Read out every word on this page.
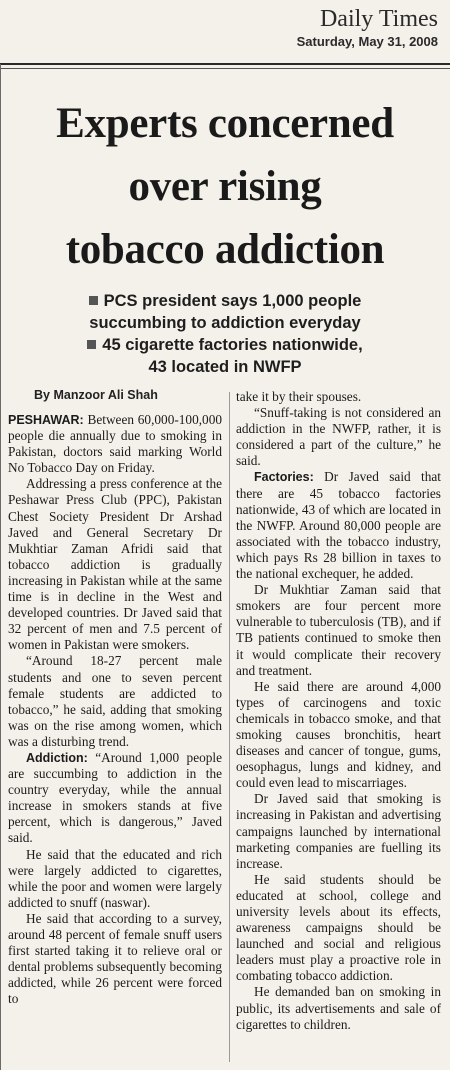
Daily Times
Saturday, May 31, 2008
Experts concerned
over rising
tobacco addiction
PCS president says 1,000 people
succumbing to addiction everyday
45 cigarette factories nationwide,
43 located in NWFP
By Manzoor Ali Shah

PESHAWAR: Between 60,000-100,000 people die annually due to smoking in Pakistan, doctors said marking World No Tobacco Day on Friday.

Addressing a press conference at the Peshawar Press Club (PPC), Pakistan Chest Society President Dr Arshad Javed and General Secretary Dr Mukhtiar Zaman Afridi said that tobacco addiction is gradually increasing in Pakistan while at the same time is in decline in the West and developed countries. Dr Javed said that 32 percent of men and 7.5 percent of women in Pakistan were smokers.

“Around 18-27 percent male students and one to seven percent female students are addicted to tobacco,” he said, adding that smoking was on the rise among women, which was a disturbing trend.

Addiction: “Around 1,000 people are succumbing to addiction in the country everyday, while the annual increase in smokers stands at five percent, which is dangerous,” Javed said.

He said that the educated and rich were largely addicted to cigarettes, while the poor and women were largely addicted to snuff (naswar).

He said that according to a survey, around 48 percent of female snuff users first started taking it to relieve oral or dental problems subsequently becoming addicted, while 26 percent were forced to

take it by their spouses.

“Snuff-taking is not considered an addiction in the NWFP, rather, it is considered a part of the culture,” he said.

Factories: Dr Javed said that there are 45 tobacco factories nationwide, 43 of which are located in the NWFP. Around 80,000 people are associated with the tobacco industry, which pays Rs 28 billion in taxes to the national exchequer, he added.

Dr Mukhtiar Zaman said that smokers are four percent more vulnerable to tuberculosis (TB), and if TB patients continued to smoke then it would complicate their recovery and treatment.

He said there are around 4,000 types of carcinogens and toxic chemicals in tobacco smoke, and that smoking causes bronchitis, heart diseases and cancer of tongue, gums, oesophagus, lungs and kidney, and could even lead to miscarriages.

Dr Javed said that smoking is increasing in Pakistan and advertising campaigns launched by international marketing companies are fuelling its increase.

He said students should be educated at school, college and university levels about its effects, awareness campaigns should be launched and social and religious leaders must play a proactive role in combating tobacco addiction.

He demanded ban on smoking in public, its advertisements and sale of cigarettes to children.
